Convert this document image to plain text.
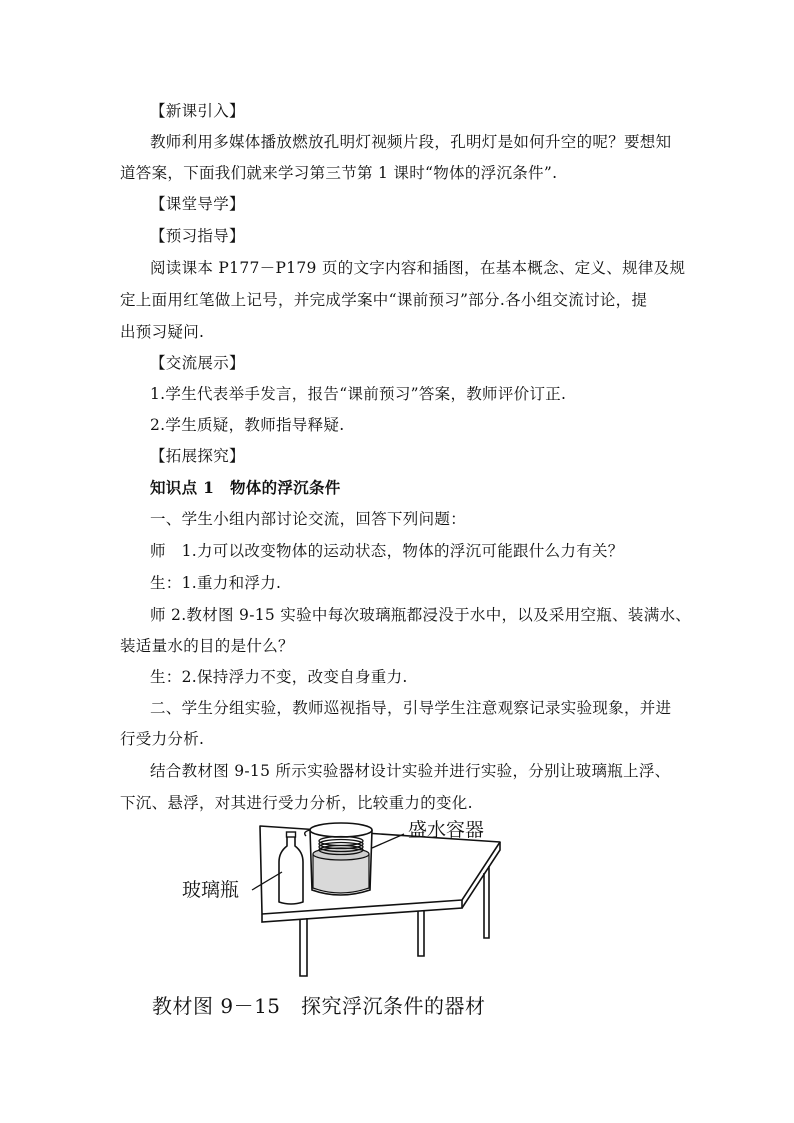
【新课引入】
教师利用多媒体播放燃放孔明灯视频片段，孔明灯是如何升空的呢？要想知
道答案，下面我们就来学习第三节第 1 课时“物体的浮沉条件”.
【课堂导学】
【预习指导】
阅读课本 P177－P179 页的文字内容和插图，在基本概念、定义、规律及规
定上面用红笔做上记号，并完成学案中“课前预习”部分.各小组交流讨论，提
出预习疑问.
【交流展示】
1.学生代表举手发言，报告“课前预习”答案，教师评价订正.
2.学生质疑，教师指导释疑.
【拓展探究】
知识点 1　物体的浮沉条件
一、学生小组内部讨论交流，回答下列问题：
师　1.力可以改变物体的运动状态，物体的浮沉可能跟什么力有关？
生：1.重力和浮力.
师 2.教材图 9-15 实验中每次玻璃瓶都浸没于水中，以及采用空瓶、装满水、
装适量水的目的是什么？
生：2.保持浮力不变，改变自身重力.
二、学生分组实验，教师巡视指导，引导学生注意观察记录实验现象，并进
行受力分析.
结合教材图 9-15 所示实验器材设计实验并进行实验，分别让玻璃瓶上浮、
下沉、悬浮，对其进行受力分析，比较重力的变化.
盛水容器
玻璃瓶
教材图 9－15　探究浮沉条件的器材
